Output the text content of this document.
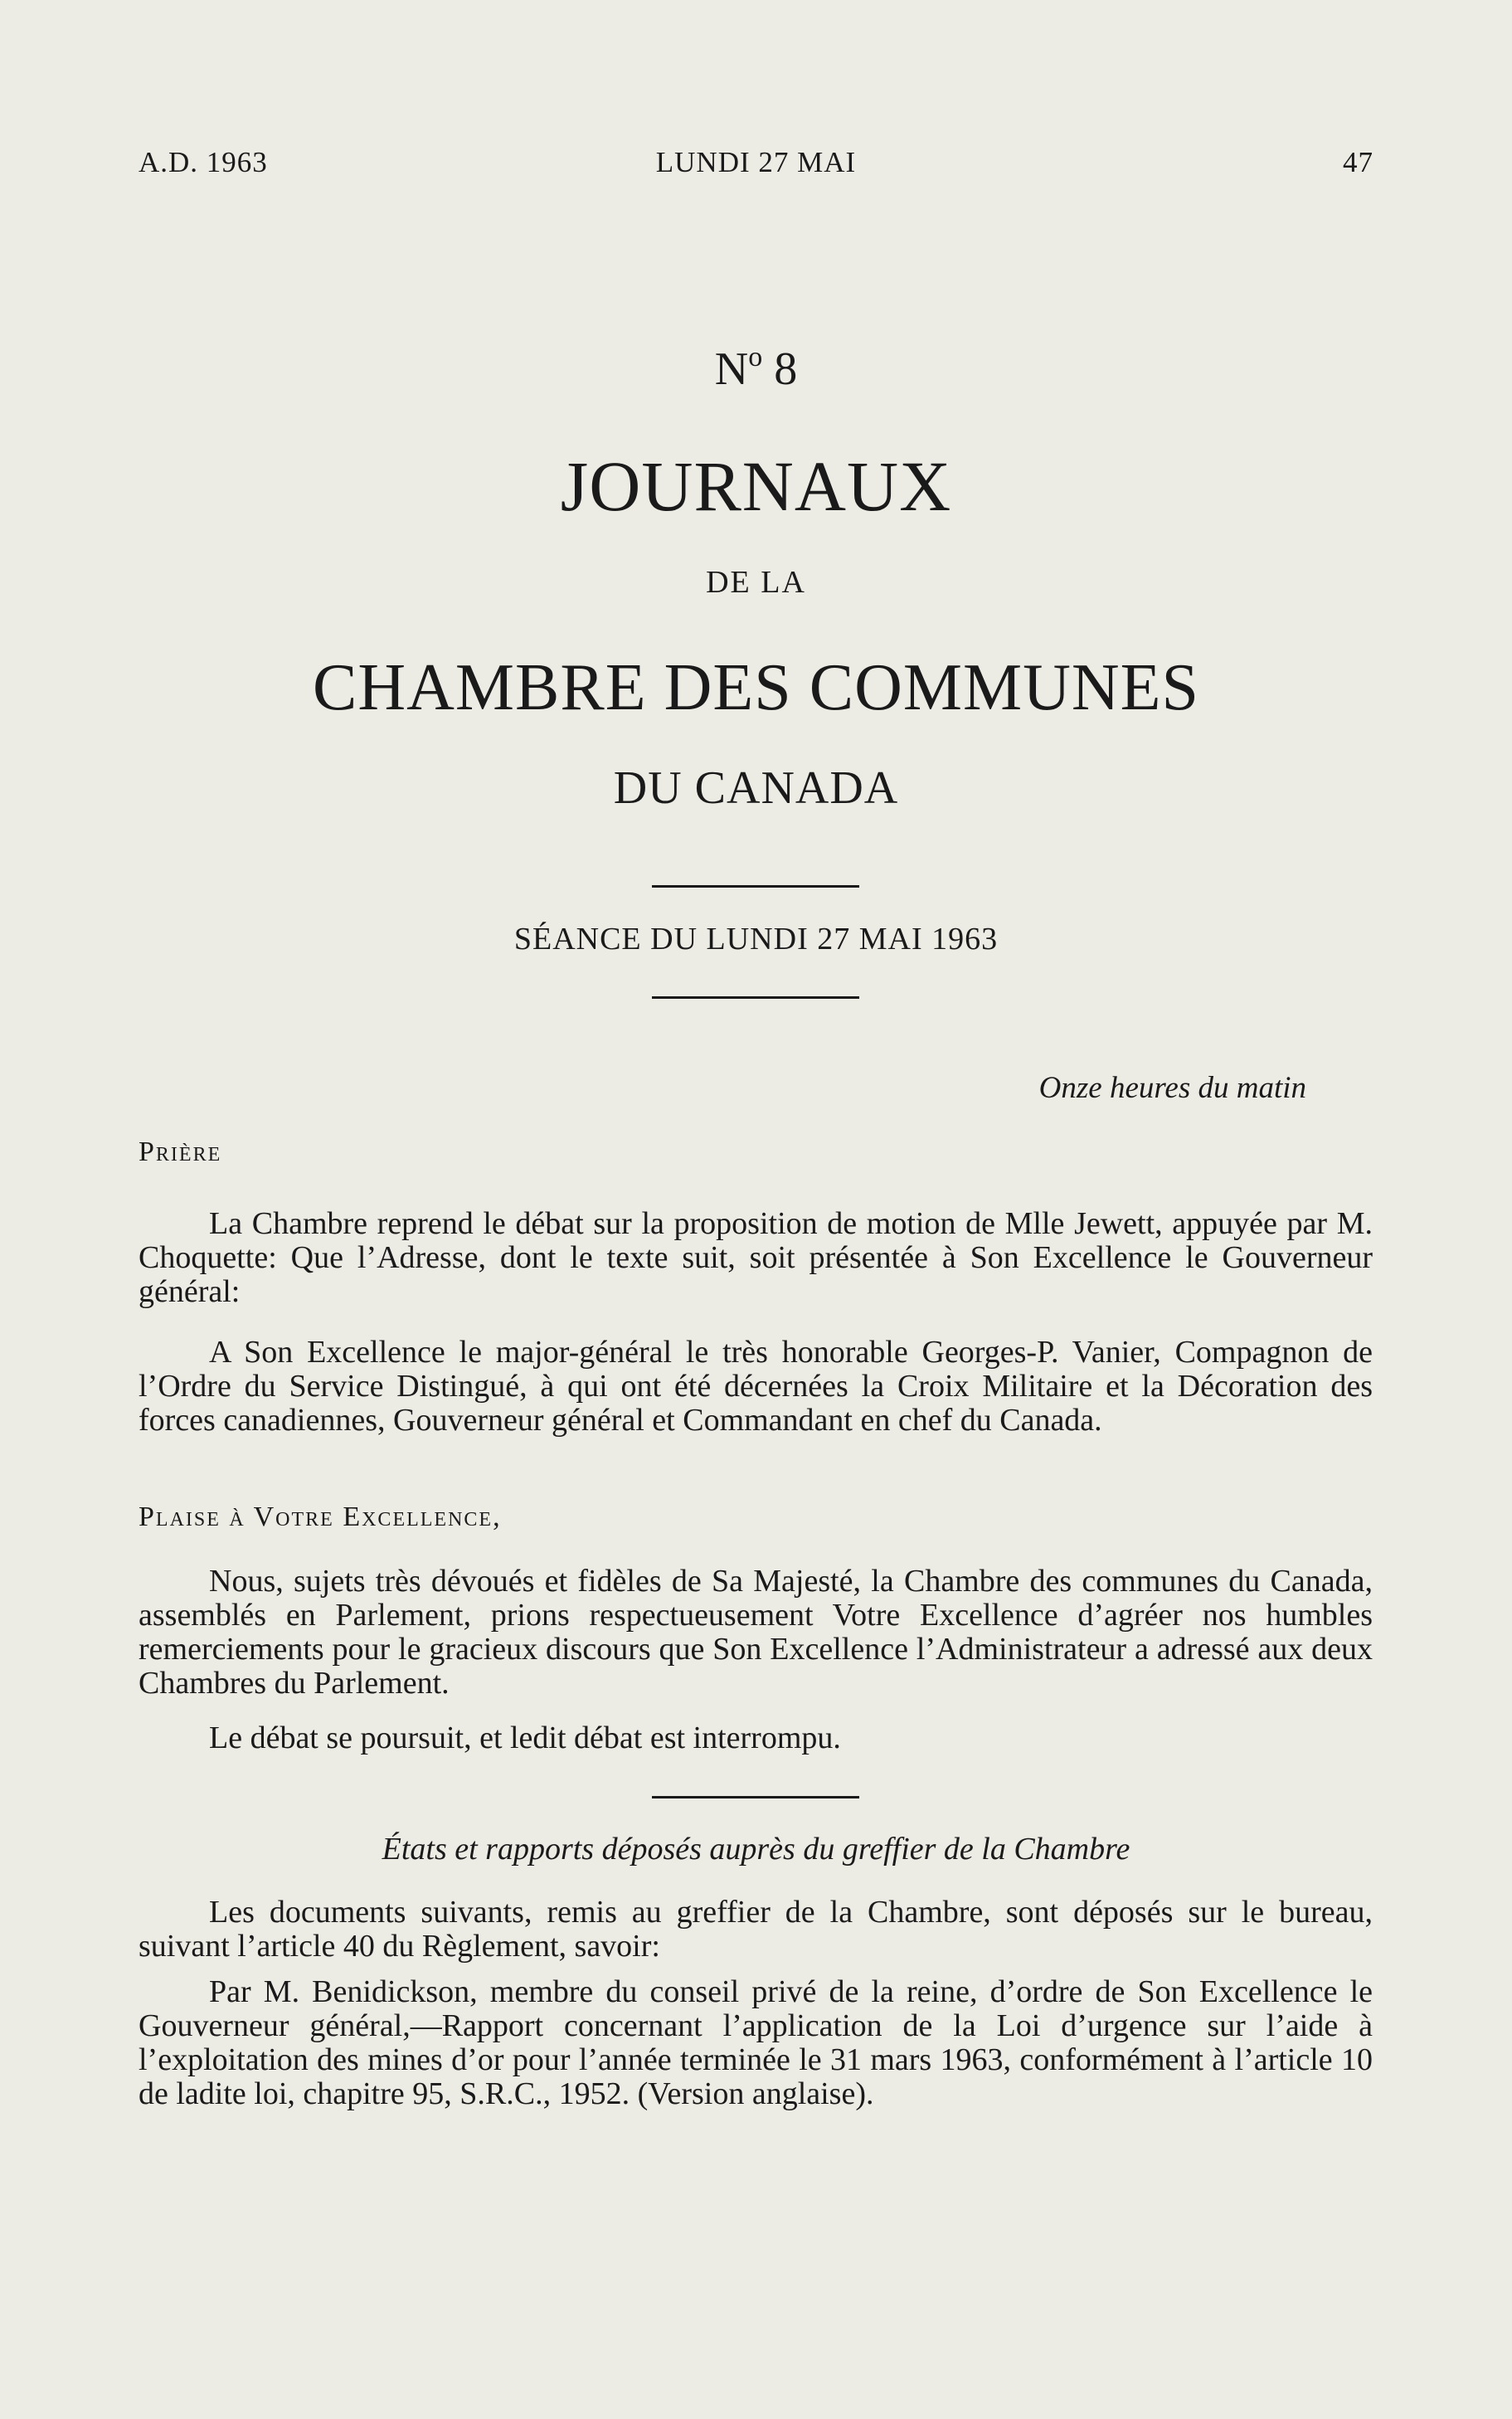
A.D. 1963	LUNDI 27 MAI	47
$N^o$ 8
JOURNAUX
DE LA
CHAMBRE DES COMMUNES
DU CANADA
SÉANCE DU LUNDI 27 MAI 1963
Onze heures du matin
Prière
La Chambre reprend le débat sur la proposition de motion de Mlle Jewett, appuyée par M. Choquette: Que l’Adresse, dont le texte suit, soit présentée à Son Excellence le Gouverneur général:
A Son Excellence le major-général le très honorable Georges-P. Vanier, Compagnon de l’Ordre du Service Distingué, à qui ont été décernées la Croix Militaire et la Décoration des forces canadiennes, Gouverneur général et Commandant en chef du Canada.
Plaise à Votre Excellence,
Nous, sujets très dévoués et fidèles de Sa Majesté, la Chambre des communes du Canada, assemblés en Parlement, prions respectueusement Votre Excellence d’agréer nos humbles remerciements pour le gracieux discours que Son Excellence l’Administrateur a adressé aux deux Chambres du Parlement.
Le débat se poursuit, et ledit débat est interrompu.
États et rapports déposés auprès du greffier de la Chambre
Les documents suivants, remis au greffier de la Chambre, sont déposés sur le bureau, suivant l’article 40 du Règlement, savoir:
Par M. Benidickson, membre du conseil privé de la reine, d’ordre de Son Excellence le Gouverneur général,—Rapport concernant l’application de la Loi d’urgence sur l’aide à l’exploitation des mines d’or pour l’année terminée le 31 mars 1963, conformément à l’article 10 de ladite loi, chapitre 95, S.R.C., 1952. (Version anglaise).
